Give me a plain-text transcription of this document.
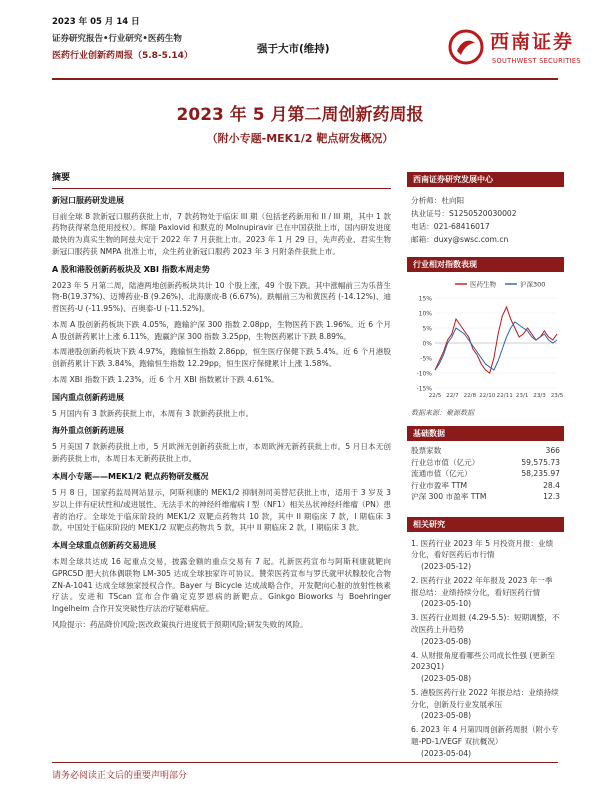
2023 年 05 月 14 日
证券研究报告•行业研究•医药生物
医药行业创新药周报（5.8-5.14）
强于大市(维持)	西南证券
SOUTHWEST SECURITIES
2023 年 5 月第二周创新药周报
（附小专题-MEK1/2 靶点研发概况）
摘要
新冠口服药研发进展

目前全球 8 款新冠口服药获批上市，7 款药物处于临床 III 期（包括老药新用和 II / III 期，其中 1 款药物获得紧急使用授权）。辉瑞 Paxlovid 和默克的 Molnupiravir 已在中国获批上市，国内研发进度最快的为真实生物的阿兹夫定于 2022 年 7 月获批上市。2023 年 1 月 29 日，先声药业、君实生物新冠口服药获 NMPA 批准上市，众生药业新冠口服药 2023 年 3 月附条件获批上市。

A 股和港股创新药板块及 XBI 指数本周走势

2023 年 5 月第二周，陆港两地创新药板块共计 10 个股上涨，49 个股下跌。其中涨幅前三为乐普生物-B(19.37%)、迈博药业-B (9.26%)、北海康成-B (6.67%)。跌幅前三为和黄医药 (-14.12%)、迪哲医药-U (-11.95%)、百奥泰-U (-11.52%)。

本周 A 股创新药板块下跌 4.05%，跑输沪深 300 指数 2.08pp，生物医药下跌 1.96%。近 6 个月 A 股创新药累计上涨 6.11%，跑赢沪深 300 指数 3.25pp，生物医药累计下跌 8.89%。

本周港股创新药板块下跌 4.97%，跑输恒生指数 2.86pp，恒生医疗保健下跌 5.4%。近 6 个月港股创新药累计下跌 3.84%，跑输恒生指数 12.29pp，恒生医疗保健累计上涨 1.58%。

本周 XBI 指数下跌 1.23%，近 6 个月 XBI 指数累计下跌 4.61%。

国内重点创新药进展

5 月国内有 3 款新药获批上市，本周有 3 款新药获批上市。

海外重点创新药进展

5 月美国 7 款新药获批上市，5 月欧洲无创新药获批上市，本周欧洲无新药获批上市。5 月日本无创新药获批上市，本周日本无新药获批上市。

本周小专题——MEK1/2 靶点药物研发概况

5 月 8 日，国家药监局网站显示，阿斯利康的 MEK1/2 抑制剂司美替尼获批上市，适用于 3 岁及 3 岁以上伴有症状性和/或进展性、无法手术的神经纤维瘤病 I 型（NF1）相关丛状神经纤维瘤（PN）患者的治疗。全球处于临床阶段的 MEK1/2 双靶点药物共 10 款，其中 II 期临床 7 款，I 期临床 3 款。中国处于临床阶段的 MEK1/2 双靶点药物共 5 款，其中 II 期临床 2 款，I 期临床 3 款。

本周全球重点创新药交易进展

本周全球共达成 16 起重点交易，披露金额的重点交易有 7 起。礼新医药宣布与阿斯利康就靶向 GPRC5D 肥大抗体偶联物 LM-305 达成全球独家许可协议。贊荣医药宣布与罗氏就甲状腺胶化合物 ZN-A-1041 达成全球独家授权合作。Bayer 与 Bicycle 达成战略合作，开发靶向心脏的放射性核素疗法。安进和 TScan 宣布合作确定克罗恩病的新靶点。Ginkgo Bioworks 与 Boehringer Ingelheim 合作开发突破性疗法治疗疑难病症。

风险提示：药品降价风险;医改政策执行进度低于预期风险;研发失败的风险。

西南证券研究发展中心
分析师：杜向阳
执业证号：S1250520030002
电话：021-68416017
邮箱：duxy@swsc.com.cn
行业相对指数表现
-15%
-10%
-5%
0%
5%
10%
15%
22/5 22/7 22/8 22/10 22/11 23/1 23/3 23/5
医药生物	沪深300
数据来源：聚源数据
基础数据
股票家数	366
行业总市值（亿元）	59,575.73
流通市值（亿元）	58,235.97
行业市盈率 TTM	28.4
沪深 300 市盈率 TTM	12.3
相关研究
1. 医药行业 2023 年 5 月投资月报：业绩分化，看好医药后市行情
(2023-05-12)
2. 医药行业 2022 年年报及 2023 年一季报总结：业绩持续分化，看好医药行情
(2023-05-10)
3. 医药行业周报 (4.29-5.5)：短期调整，不改医药上升趋势
(2023-05-08)
4. 从财报角度看哪些公司成长性强 (更新至 2023Q1)
(2023-05-08)
5. 港股医药行业 2022 年报总结：业绩持续分化，创新及行业发展承压
(2023-05-08)
6. 2023 年 4 月第四周创新药周报（附小专题-PD-1/VEGF 双抗概况）
(2023-05-04)
请务必阅读正文后的重要声明部分
